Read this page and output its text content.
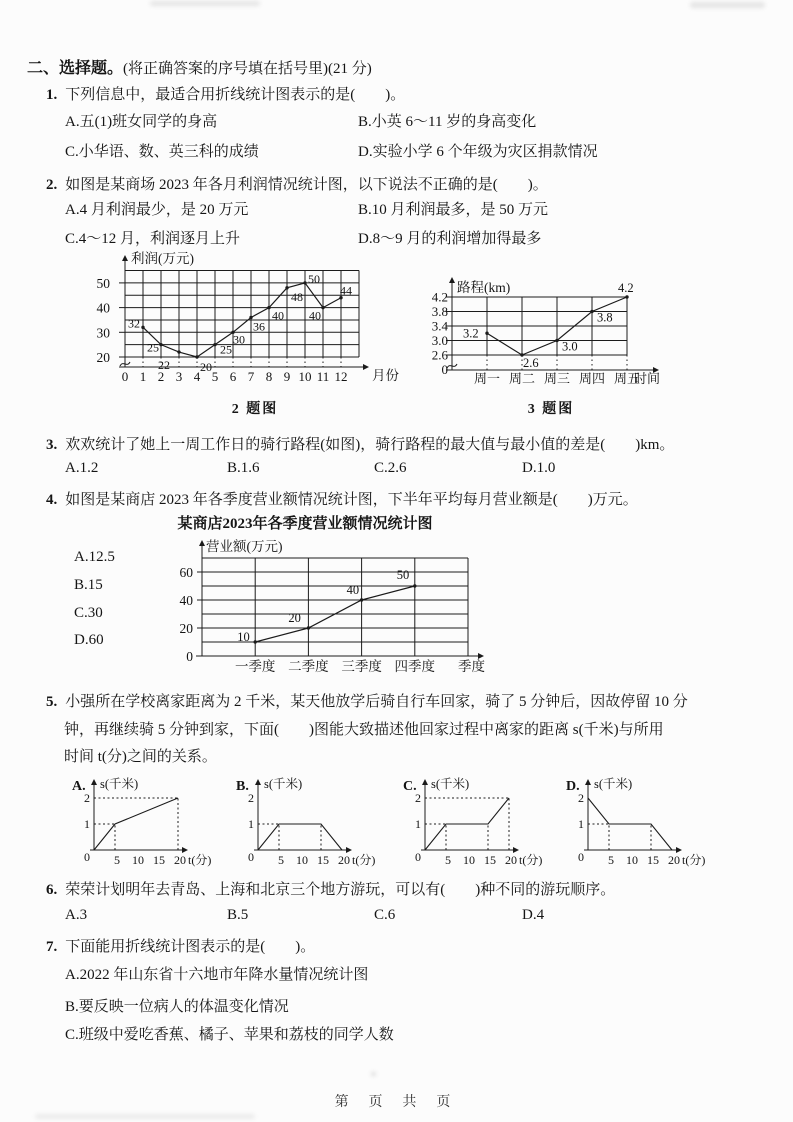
二、选择题。(将正确答案的序号填在括号里)(21 分)
1. 下列信息中，最适合用折线统计图表示的是(　　)。
A.五(1)班女同学的身高	B.小英 6～11 岁的身高变化
C.小华语、数、英三科的成绩	D.实验小学 6 个年级为灾区捐款情况
2. 如图是某商场 2023 年各月利润情况统计图，以下说法不正确的是(　　)。
A.4 月利润最少，是 20 万元	B.10 月利润最多，是 50 万元
C.4～12 月，利润逐月上升	D.8～9 月的利润增加得最多
20
30
40
50
0 1 2 3 4 5 6 7 8 9 10 11 12 月份
利润(万元)
32
25
22	20
25
30
36
40
48
50
40
44
2.6
3.0
3.4
3.8
4.2
0
周一 周二 周三 周四 周五
时间
路程(km)
3.2
2.6
3.0
3.8
4.2
2 题图	3 题图
3. 欢欢统计了她上一周工作日的骑行路程(如图)，骑行路程的最大值与最小值的差是(　　)km。
A.1.2	B.1.6	C.2.6	D.1.0
4. 如图是某商店 2023 年各季度营业额情况统计图，下半年平均每月营业额是(　　)万元。
某商店2023年各季度营业额情况统计图
0
20
40
60
一季度 二季度 三季度 四季度 季度
营业额(万元)
10
20
40
50
A.12.5
B.15
C.30
D.60
5. 小强所在学校离家距离为 2 千米，某天他放学后骑自行车回家，骑了 5 分钟后，因故停留 10 分
钟，再继续骑 5 分钟到家，下面(　　)图能大致描述他回家过程中离家的距离 s(千米)与所用
时间 t(分)之间的关系。
A. s(千米)
1
2
0 5 10 15 20 t(分)
B. s(千米)
1
2
0 5 10 15 20 t(分)
C. s(千米)
1
2
0 5 10 15 20 t(分)
D. s(千米)
1
2
0 5 10 15 20 t(分)
6. 荣荣计划明年去青岛、上海和北京三个地方游玩，可以有(　　)种不同的游玩顺序。
A.3	B.5	C.6	D.4
7. 下面能用折线统计图表示的是(　　)。
A.2022 年山东省十六地市年降水量情况统计图
B.要反映一位病人的体温变化情况
C.班级中爱吃香蕉、橘子、苹果和荔枝的同学人数
第 页 共 页
